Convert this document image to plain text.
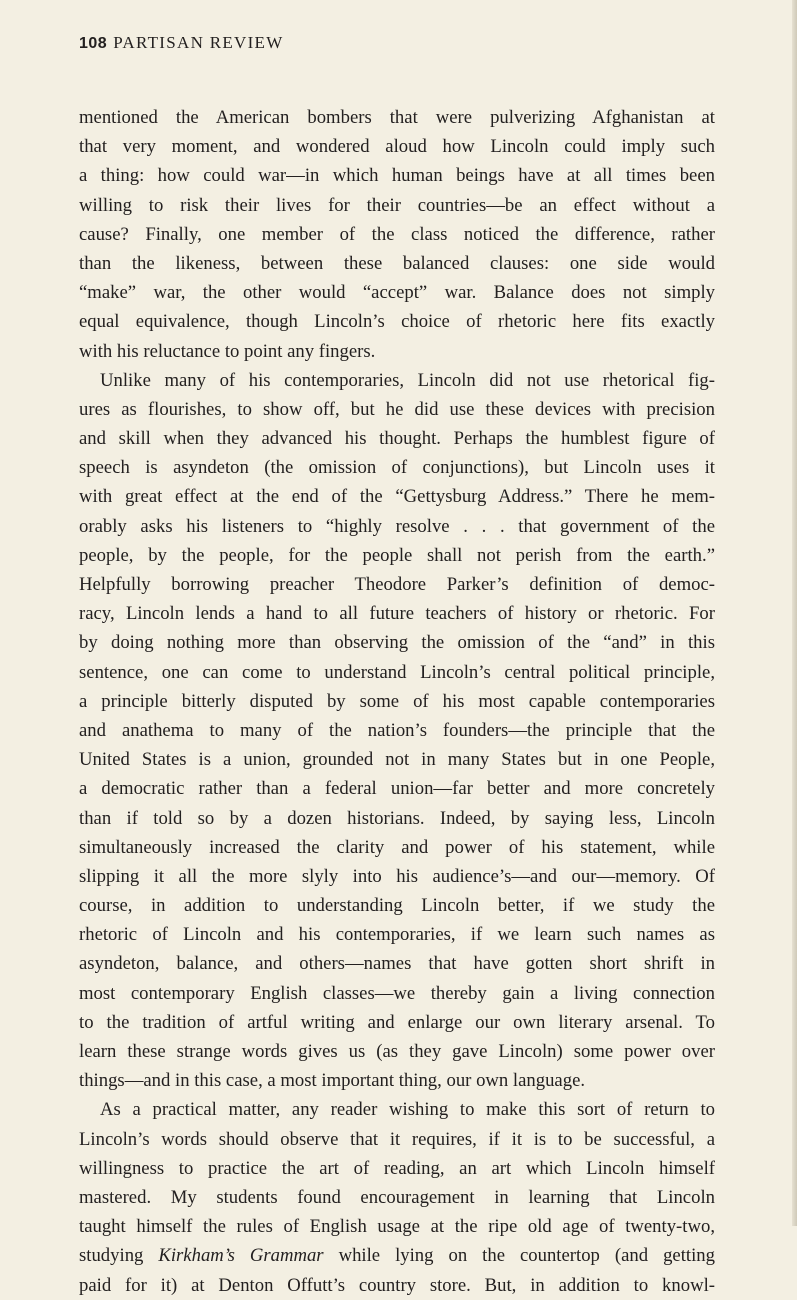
108 PARTISAN REVIEW
mentioned the American bombers that were pulverizing Afghanistan at
that very moment, and wondered aloud how Lincoln could imply such
a thing: how could war—in which human beings have at all times been
willing to risk their lives for their countries—be an effect without a
cause? Finally, one member of the class noticed the difference, rather
than the likeness, between these balanced clauses: one side would
“make” war, the other would “accept” war. Balance does not simply
equal equivalence, though Lincoln’s choice of rhetoric here fits exactly
with his reluctance to point any fingers.
Unlike many of his contemporaries, Lincoln did not use rhetorical fig-
ures as flourishes, to show off, but he did use these devices with precision
and skill when they advanced his thought. Perhaps the humblest figure of
speech is asyndeton (the omission of conjunctions), but Lincoln uses it
with great effect at the end of the “Gettysburg Address.” There he mem-
orably asks his listeners to “highly resolve . . . that government of the
people, by the people, for the people shall not perish from the earth.”
Helpfully borrowing preacher Theodore Parker’s definition of democ-
racy, Lincoln lends a hand to all future teachers of history or rhetoric. For
by doing nothing more than observing the omission of the “and” in this
sentence, one can come to understand Lincoln’s central political principle,
a principle bitterly disputed by some of his most capable contemporaries
and anathema to many of the nation’s founders—the principle that the
United States is a union, grounded not in many States but in one People,
a democratic rather than a federal union—far better and more concretely
than if told so by a dozen historians. Indeed, by saying less, Lincoln
simultaneously increased the clarity and power of his statement, while
slipping it all the more slyly into his audience’s—and our—memory. Of
course, in addition to understanding Lincoln better, if we study the
rhetoric of Lincoln and his contemporaries, if we learn such names as
asyndeton, balance, and others—names that have gotten short shrift in
most contemporary English classes—we thereby gain a living connection
to the tradition of artful writing and enlarge our own literary arsenal. To
learn these strange words gives us (as they gave Lincoln) some power over
things—and in this case, a most important thing, our own language.
As a practical matter, any reader wishing to make this sort of return to
Lincoln’s words should observe that it requires, if it is to be successful, a
willingness to practice the art of reading, an art which Lincoln himself
mastered. My students found encouragement in learning that Lincoln
taught himself the rules of English usage at the ripe old age of twenty-two,
studying Kirkham’s Grammar while lying on the countertop (and getting
paid for it) at Denton Offutt’s country store. But, in addition to knowl-
